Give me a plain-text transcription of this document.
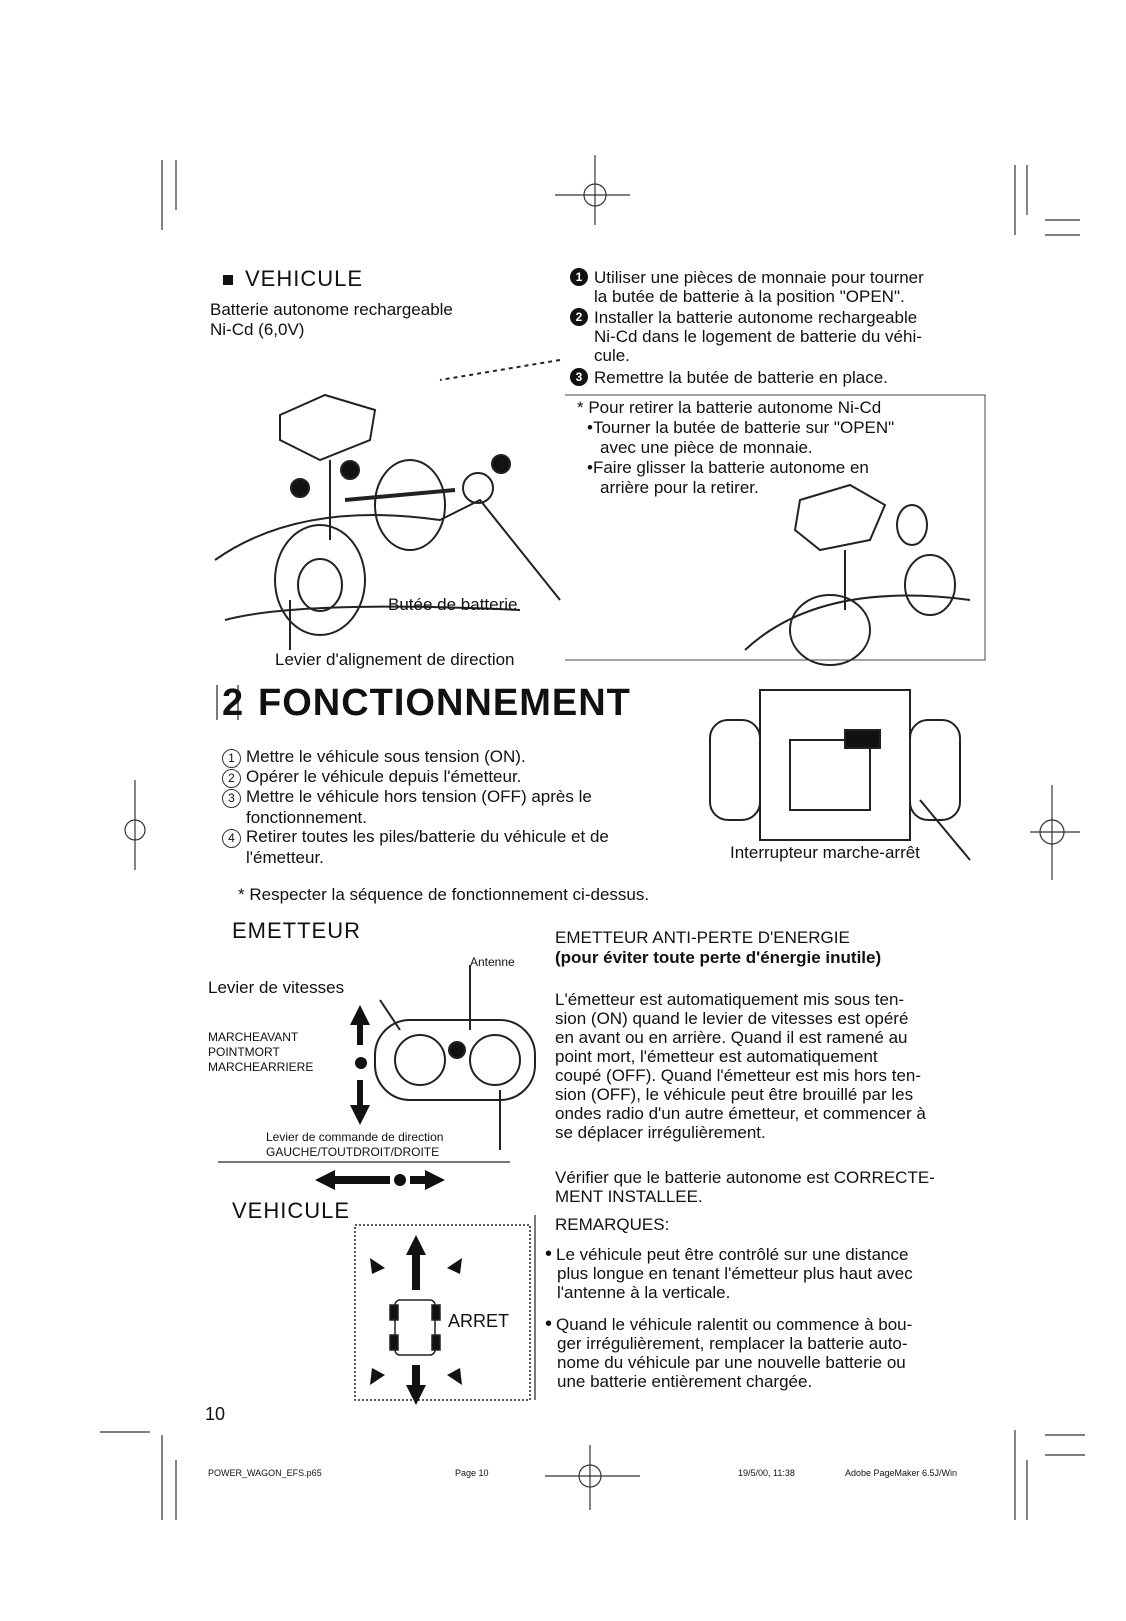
VEHICULE
Batterie autonome rechargeable
Ni-Cd (6,0V)
Butée de batterie
Levier d'alignement de direction
1 Utiliser une pièces de monnaie pour tourner
la butée de batterie à la position "OPEN".
2 Installer la batterie autonome rechargeable
Ni-Cd dans le logement de batterie du véhi-
cule.
3 Remettre la butée de batterie en place.
* Pour retirer la batterie autonome Ni-Cd
•Tourner la butée de batterie sur "OPEN"
avec une pièce de monnaie.
•Faire glisser la batterie autonome en
arrière pour la retirer.
2 FONCTIONNEMENT
1 Mettre le véhicule sous tension (ON).
2 Opérer le véhicule depuis l'émetteur.
3 Mettre le véhicule hors tension (OFF) après le
fonctionnement.
4 Retirer toutes les piles/batterie du véhicule et de
l'émetteur.	Interrupteur marche-arrêt
* Respecter la séquence de fonctionnement ci-dessus.
EMETTEUR
Antenne
Levier de vitesses
MARCHEAVANT
POINTMORT
MARCHEARRIERE
Levier de commande de direction
GAUCHE/TOUTDROIT/DROITE
VEHICULE
ARRET
EMETTEUR ANTI-PERTE D'ENERGIE
(pour éviter toute perte d'énergie inutile)
L'émetteur est automatiquement mis sous ten-
sion (ON) quand le levier de vitesses est opéré
en avant ou en arrière. Quand il est ramené au
point mort, l'émetteur est automatiquement
coupé (OFF). Quand l'émetteur est mis hors ten-
sion (OFF), le véhicule peut être brouillé par les
ondes radio d'un autre émetteur, et commencer à
se déplacer irrégulièrement.
Vérifier que le batterie autonome est CORRECTE-
MENT INSTALLEE.
REMARQUES:
• Le véhicule peut être contrôlé sur une distance
plus longue en tenant l'émetteur plus haut avec
l'antenne à la verticale.
• Quand le véhicule ralentit ou commence à bou-
ger irrégulièrement, remplacer la batterie auto-
nome du véhicule par une nouvelle batterie ou
une batterie entièrement chargée.
10
POWER_WAGON_EFS.p65	Page 10	19/5/00, 11:38	Adobe PageMaker 6.5J/Win
